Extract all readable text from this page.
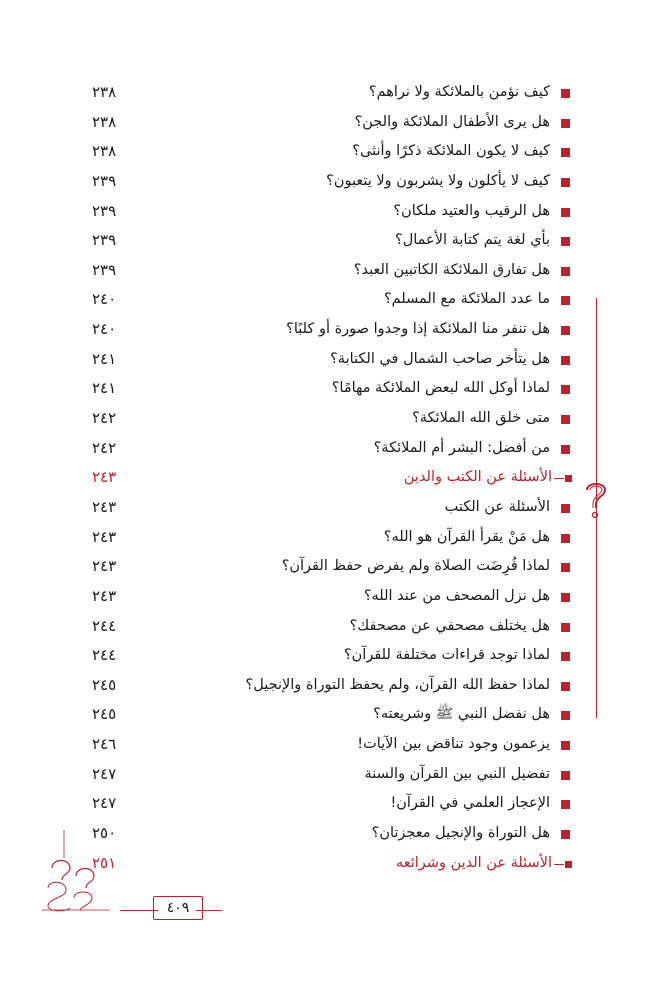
كيف نؤمن بالملائكة ولا نراهم؟
٢٣٨
هل يرى الأطفال الملائكة والجن؟
٢٣٨
كيف لا يكون الملائكة ذكرًا وأنثى؟
٢٣٨
كيف لا يأكلون ولا يشربون ولا يتعبون؟
٢٣٩
هل الرقيب والعتيد ملكان؟
٢٣٩
بأي لغة يتم كتابة الأعمال؟
٢٣٩
هل تفارق الملائكة الكاتبين العبد؟
٢٣٩
ما عدد الملائكة مع المسلم؟
٢٤٠
هل تنفر منا الملائكة إذا وجدوا صورة أو كلبًا؟
٢٤٠
هل يتأخر صاحب الشمال في الكتابة؟
٢٤١
لماذا أوكل الله لبعض الملائكة مهامًا؟
٢٤١
متى خلق الله الملائكة؟
٢٤٢
من أفضل: البشر أم الملائكة؟
٢٤٢
الأسئلة عن الكتب والدين
٢٤٣
الأسئلة عن الكتب
٢٤٣
هل مَنْ يقرأ القرآن هو الله؟
٢٤٣
لماذا فُرِضَت الصلاة ولم يفرض حفظ القرآن؟
٢٤٣
هل نزل المصحف من عند الله؟
٢٤٣
هل يختلف مصحفي عن مصحفك؟
٢٤٤
لماذا توجد قراءات مختلفة للقرآن؟
٢٤٤
لماذا حفظ الله القرآن، ولم يحفظ التوراة والإنجيل؟
٢٤٥
هل نفضل النبي ﷺ وشريعته؟
٢٤٥
يزعمون وجود تناقض بين الآيات!
٢٤٦
تفضيل النبي بين القرآن والسنة
٢٤٧
الإعجاز العلمي في القرآن!
٢٤٧
هل التوراة والإنجيل معجزتان؟
٢٥٠
الأسئلة عن الدين وشرائعه
٢٥١
٤٠٩
